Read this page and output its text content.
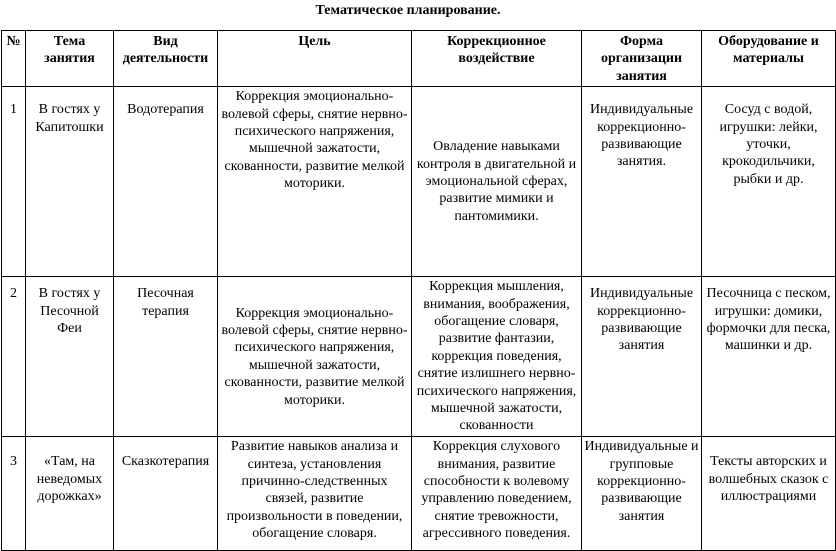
Тематическое планирование.
№	Тема занятия	Вид деятельности	Цель	Коррекционное воздействие	Форма организации занятия	Оборудование и материалы
1	В гостях у Капитошки	Водотерапия	Коррекция эмоционально-волевой сферы, снятие нервно-психического напряжения, мышечной зажатости, скованности, развитие мелкой моторики.	Овладение навыками контроля в двигательной и эмоциональной сферах, развитие мимики и пантомимики.	Индивидуальные коррекционно-развивающие занятия.	Сосуд с водой, игрушки: лейки, уточки, крокодильчики, рыбки и др.
2	В гостях у Песочной Феи	Песочная терапия	Коррекция эмоционально-волевой сферы, снятие нервно-психического напряжения, мышечной зажатости, скованности, развитие мелкой моторики.	Коррекция мышления, внимания, воображения, обогащение словаря, развитие фантазии, коррекция поведения, снятие излишнего нервно-психического напряжения, мышечной зажатости, скованности	Индивидуальные коррекционно-развивающие занятия	Песочница с песком, игрушки: домики, формочки для песка, машинки и др.
3	«Там, на неведомых дорожках»	Сказкотерапия	Развитие навыков анализа и синтеза, установления причинно-следственных связей, развитие произвольности в поведении, обогащение словаря.	Коррекция слухового внимания, развитие способности к волевому управлению поведением, снятие тревожности, агрессивного поведения.	Индивидуальные и групповые коррекционно-развивающие занятия	Тексты авторских и волшебных сказок с иллюстрациями
